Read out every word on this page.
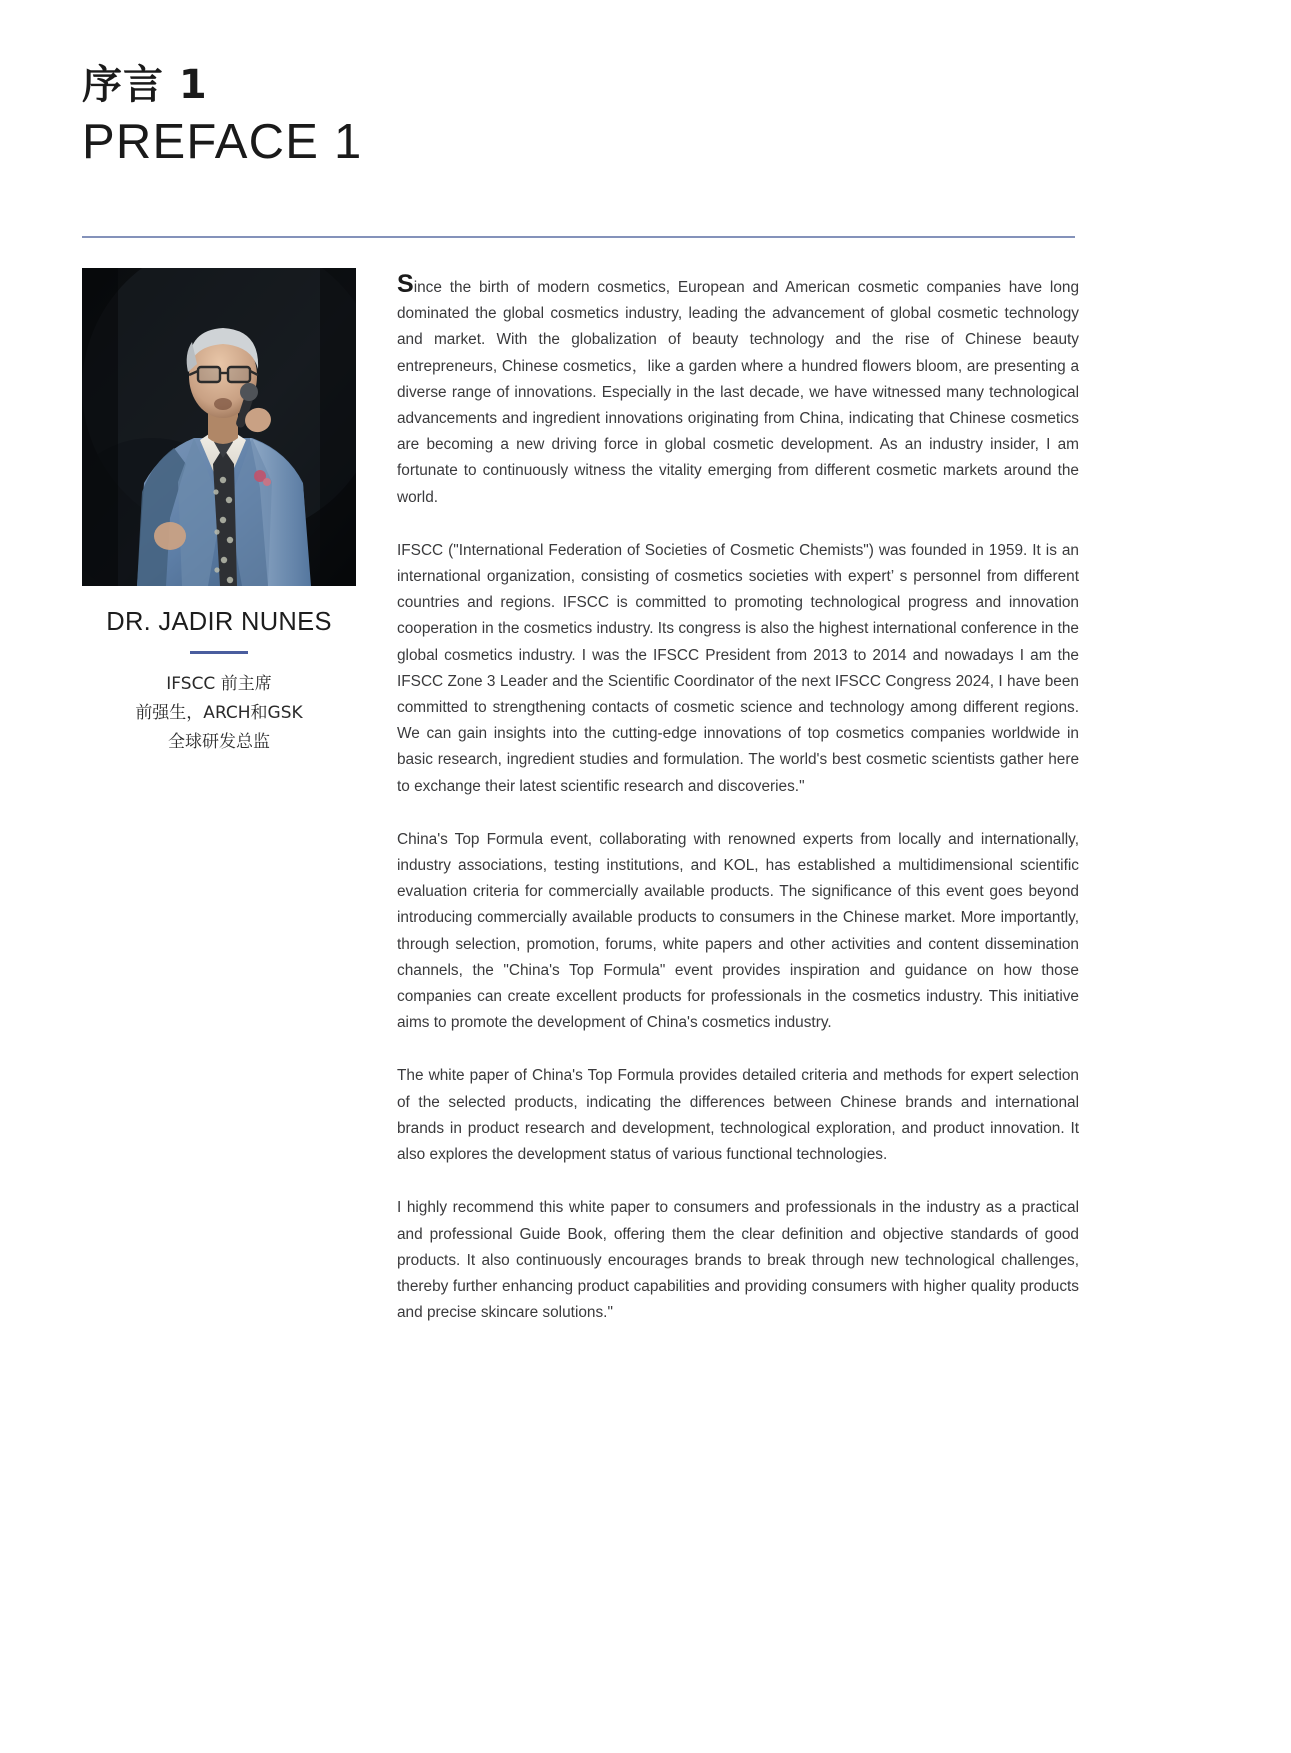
序言 1
PREFACE 1
DR. JADIR NUNES
IFSCC 前主席
前强生，ARCH和GSK
全球研发总监

Since the birth of modern cosmetics, European and American cosmetic companies have long dominated the global cosmetics industry, leading the advancement of global cosmetic technology and market. With the globalization of beauty technology and the rise of Chinese beauty entrepreneurs, Chinese cosmetics，like a garden where a hundred flowers bloom, are presenting a diverse range of innovations. Especially in the last decade, we have witnessed many technological advancements and ingredient innovations originating from China, indicating that Chinese cosmetics are becoming a new driving force in global cosmetic development. As an industry insider, I am fortunate to continuously witness the vitality emerging from different cosmetic markets around the world.

IFSCC ("International Federation of Societies of Cosmetic Chemists") was founded in 1959. It is an international organization, consisting of cosmetics societies with expert’ s personnel from different countries and regions. IFSCC is committed to promoting technological progress and innovation cooperation in the cosmetics industry. Its congress is also the highest international conference in the global cosmetics industry. I was the IFSCC President from 2013 to 2014 and nowadays I am the IFSCC Zone 3 Leader and the Scientific Coordinator of the next IFSCC Congress 2024, I have been committed to strengthening contacts of cosmetic science and technology among different regions. We can gain insights into the cutting-edge innovations of top cosmetics companies worldwide in basic research, ingredient studies and formulation. The world's best cosmetic scientists gather here to exchange their latest scientific research and discoveries."

China's Top Formula event, collaborating with renowned experts from locally and internationally, industry associations, testing institutions, and KOL, has established a multidimensional scientific evaluation criteria for commercially available products. The significance of this event goes beyond introducing commercially available products to consumers in the Chinese market. More importantly, through selection, promotion, forums, white papers and other activities and content dissemination channels, the "China's Top Formula" event provides inspiration and guidance on how those companies can create excellent products for professionals in the cosmetics industry. This initiative aims to promote the development of China's cosmetics industry.

The white paper of China's Top Formula provides detailed criteria and methods for expert selection of the selected products, indicating the differences between Chinese brands and international brands in product research and development, technological exploration, and product innovation. It also explores the development status of various functional technologies.

I highly recommend this white paper to consumers and professionals in the industry as a practical and professional Guide Book, offering them the clear definition and objective standards of good products. It also continuously encourages brands to break through new technological challenges, thereby further enhancing product capabilities and providing consumers with higher quality products and precise skincare solutions."
